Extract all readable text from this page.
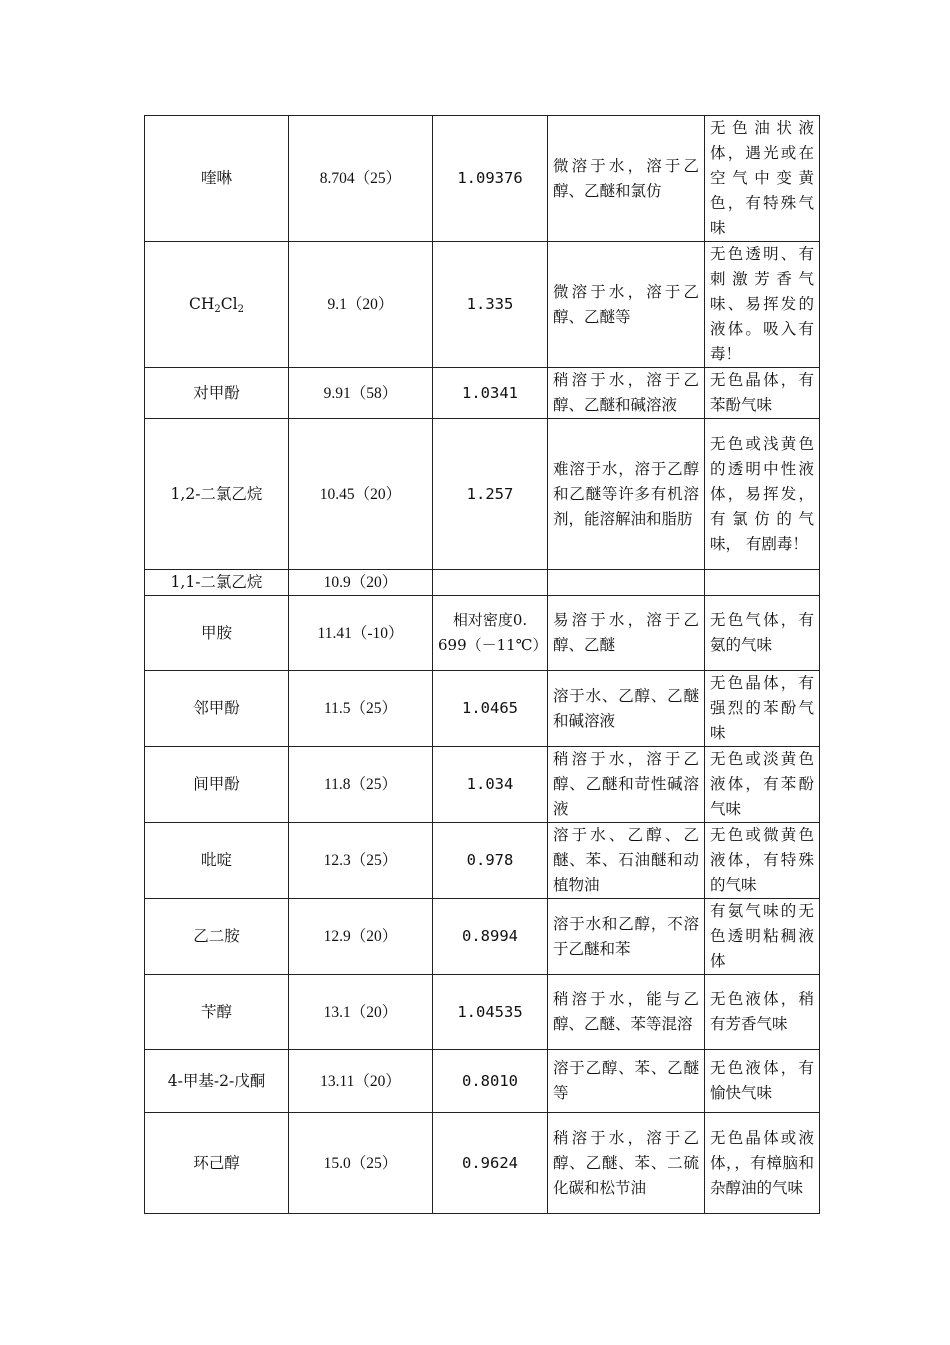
喹啉	8.704（25）	1.09376	微溶于水，溶于乙醇、乙醚和氯仿	无色油状液体，遇光或在空气中变黄色，有特殊气味
$CH_2Cl_2$	9.1（20）	1.335	微溶于水，溶于乙醇、乙醚等	无色透明、有刺激芳香气味、易挥发的液体。吸入有毒！
对甲酚	9.91（58）	1.0341	稍溶于水，溶于乙醇、乙醚和碱溶液	无色晶体，有苯酚气味
1,2-二氯乙烷	10.45（20）	1.257	难溶于水，溶于乙醇和乙醚等许多有机溶剂，能溶解油和脂肪	无色或浅黄色的透明中性液体，易挥发，有氯仿的气味， 有剧毒！
1,1-二氯乙烷	10.9（20）			
甲胺	11.41（-10）	相对密度0. 699（－11℃）	易溶于水，溶于乙醇、乙醚	无色气体，有氨的气味
邻甲酚	11.5（25）	1.0465	溶于水、乙醇、乙醚和碱溶液	无色晶体，有强烈的苯酚气味
间甲酚	11.8（25）	1.034	稍溶于水，溶于乙醇、乙醚和苛性碱溶液	无色或淡黄色液体，有苯酚气味
吡啶	12.3（25）	0.978	溶于水、乙醇、乙醚、苯、石油醚和动植物油	无色或微黄色液体，有特殊的气味
乙二胺	12.9（20）	0.8994	溶于水和乙醇，不溶于乙醚和苯	有氨气味的无色透明粘稠液体
苄醇	13.1（20）	1.04535	稍溶于水，能与乙醇、乙醚、苯等混溶	无色液体，稍有芳香气味
4-甲基-2-戊酮	13.11（20）	0.8010	溶于乙醇、苯、乙醚等	无色液体，有愉快气味
环己醇	15.0（25）	0.9624	稍溶于水，溶于乙醇、乙醚、苯、二硫化碳和松节油	无色晶体或液体，，有樟脑和杂醇油的气味
